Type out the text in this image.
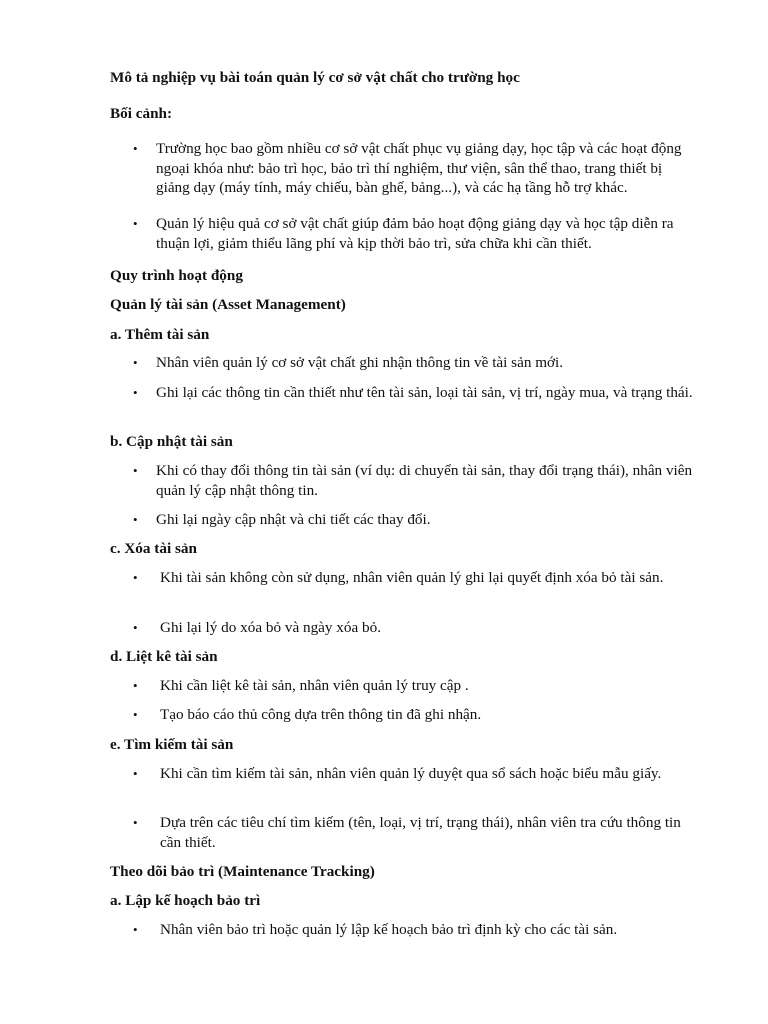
Mô tả nghiệp vụ bài toán quản lý cơ sở vật chất cho trường học
Bối cảnh:
• Trường học bao gồm nhiều cơ sở vật chất phục vụ giảng dạy, học tập và các hoạt động ngoại khóa như: bảo trì học, bảo trì thí nghiệm, thư viện, sân thể thao, trang thiết bị giảng dạy (máy tính, máy chiếu, bàn ghế, bảng...), và các hạ tầng hỗ trợ khác.
• Quản lý hiệu quả cơ sở vật chất giúp đảm bảo hoạt động giảng dạy và học tập diễn ra thuận lợi, giảm thiểu lãng phí và kịp thời bảo trì, sửa chữa khi cần thiết.
Quy trình hoạt động
Quản lý tài sản (Asset Management)
a. Thêm tài sản
• Nhân viên quản lý cơ sở vật chất ghi nhận thông tin về tài sản mới.
• Ghi lại các thông tin cần thiết như tên tài sản, loại tài sản, vị trí, ngày mua, và trạng thái.
b. Cập nhật tài sản
• Khi có thay đổi thông tin tài sản (ví dụ: di chuyển tài sản, thay đổi trạng thái), nhân viên quản lý cập nhật thông tin.
• Ghi lại ngày cập nhật và chi tiết các thay đổi.
c. Xóa tài sản
• Khi tài sản không còn sử dụng, nhân viên quản lý ghi lại quyết định xóa bỏ tài sản.
• Ghi lại lý do xóa bỏ và ngày xóa bỏ.
d. Liệt kê tài sản
• Khi cần liệt kê tài sản, nhân viên quản lý truy cập .
• Tạo báo cáo thủ công dựa trên thông tin đã ghi nhận.
e. Tìm kiếm tài sản
• Khi cần tìm kiếm tài sản, nhân viên quản lý duyệt qua sổ sách hoặc biểu mẫu giấy.
• Dựa trên các tiêu chí tìm kiếm (tên, loại, vị trí, trạng thái), nhân viên tra cứu thông tin cần thiết.
Theo dõi bảo trì (Maintenance Tracking)
a. Lập kế hoạch bảo trì
• Nhân viên bảo trì hoặc quản lý lập kế hoạch bảo trì định kỳ cho các tài sản.
